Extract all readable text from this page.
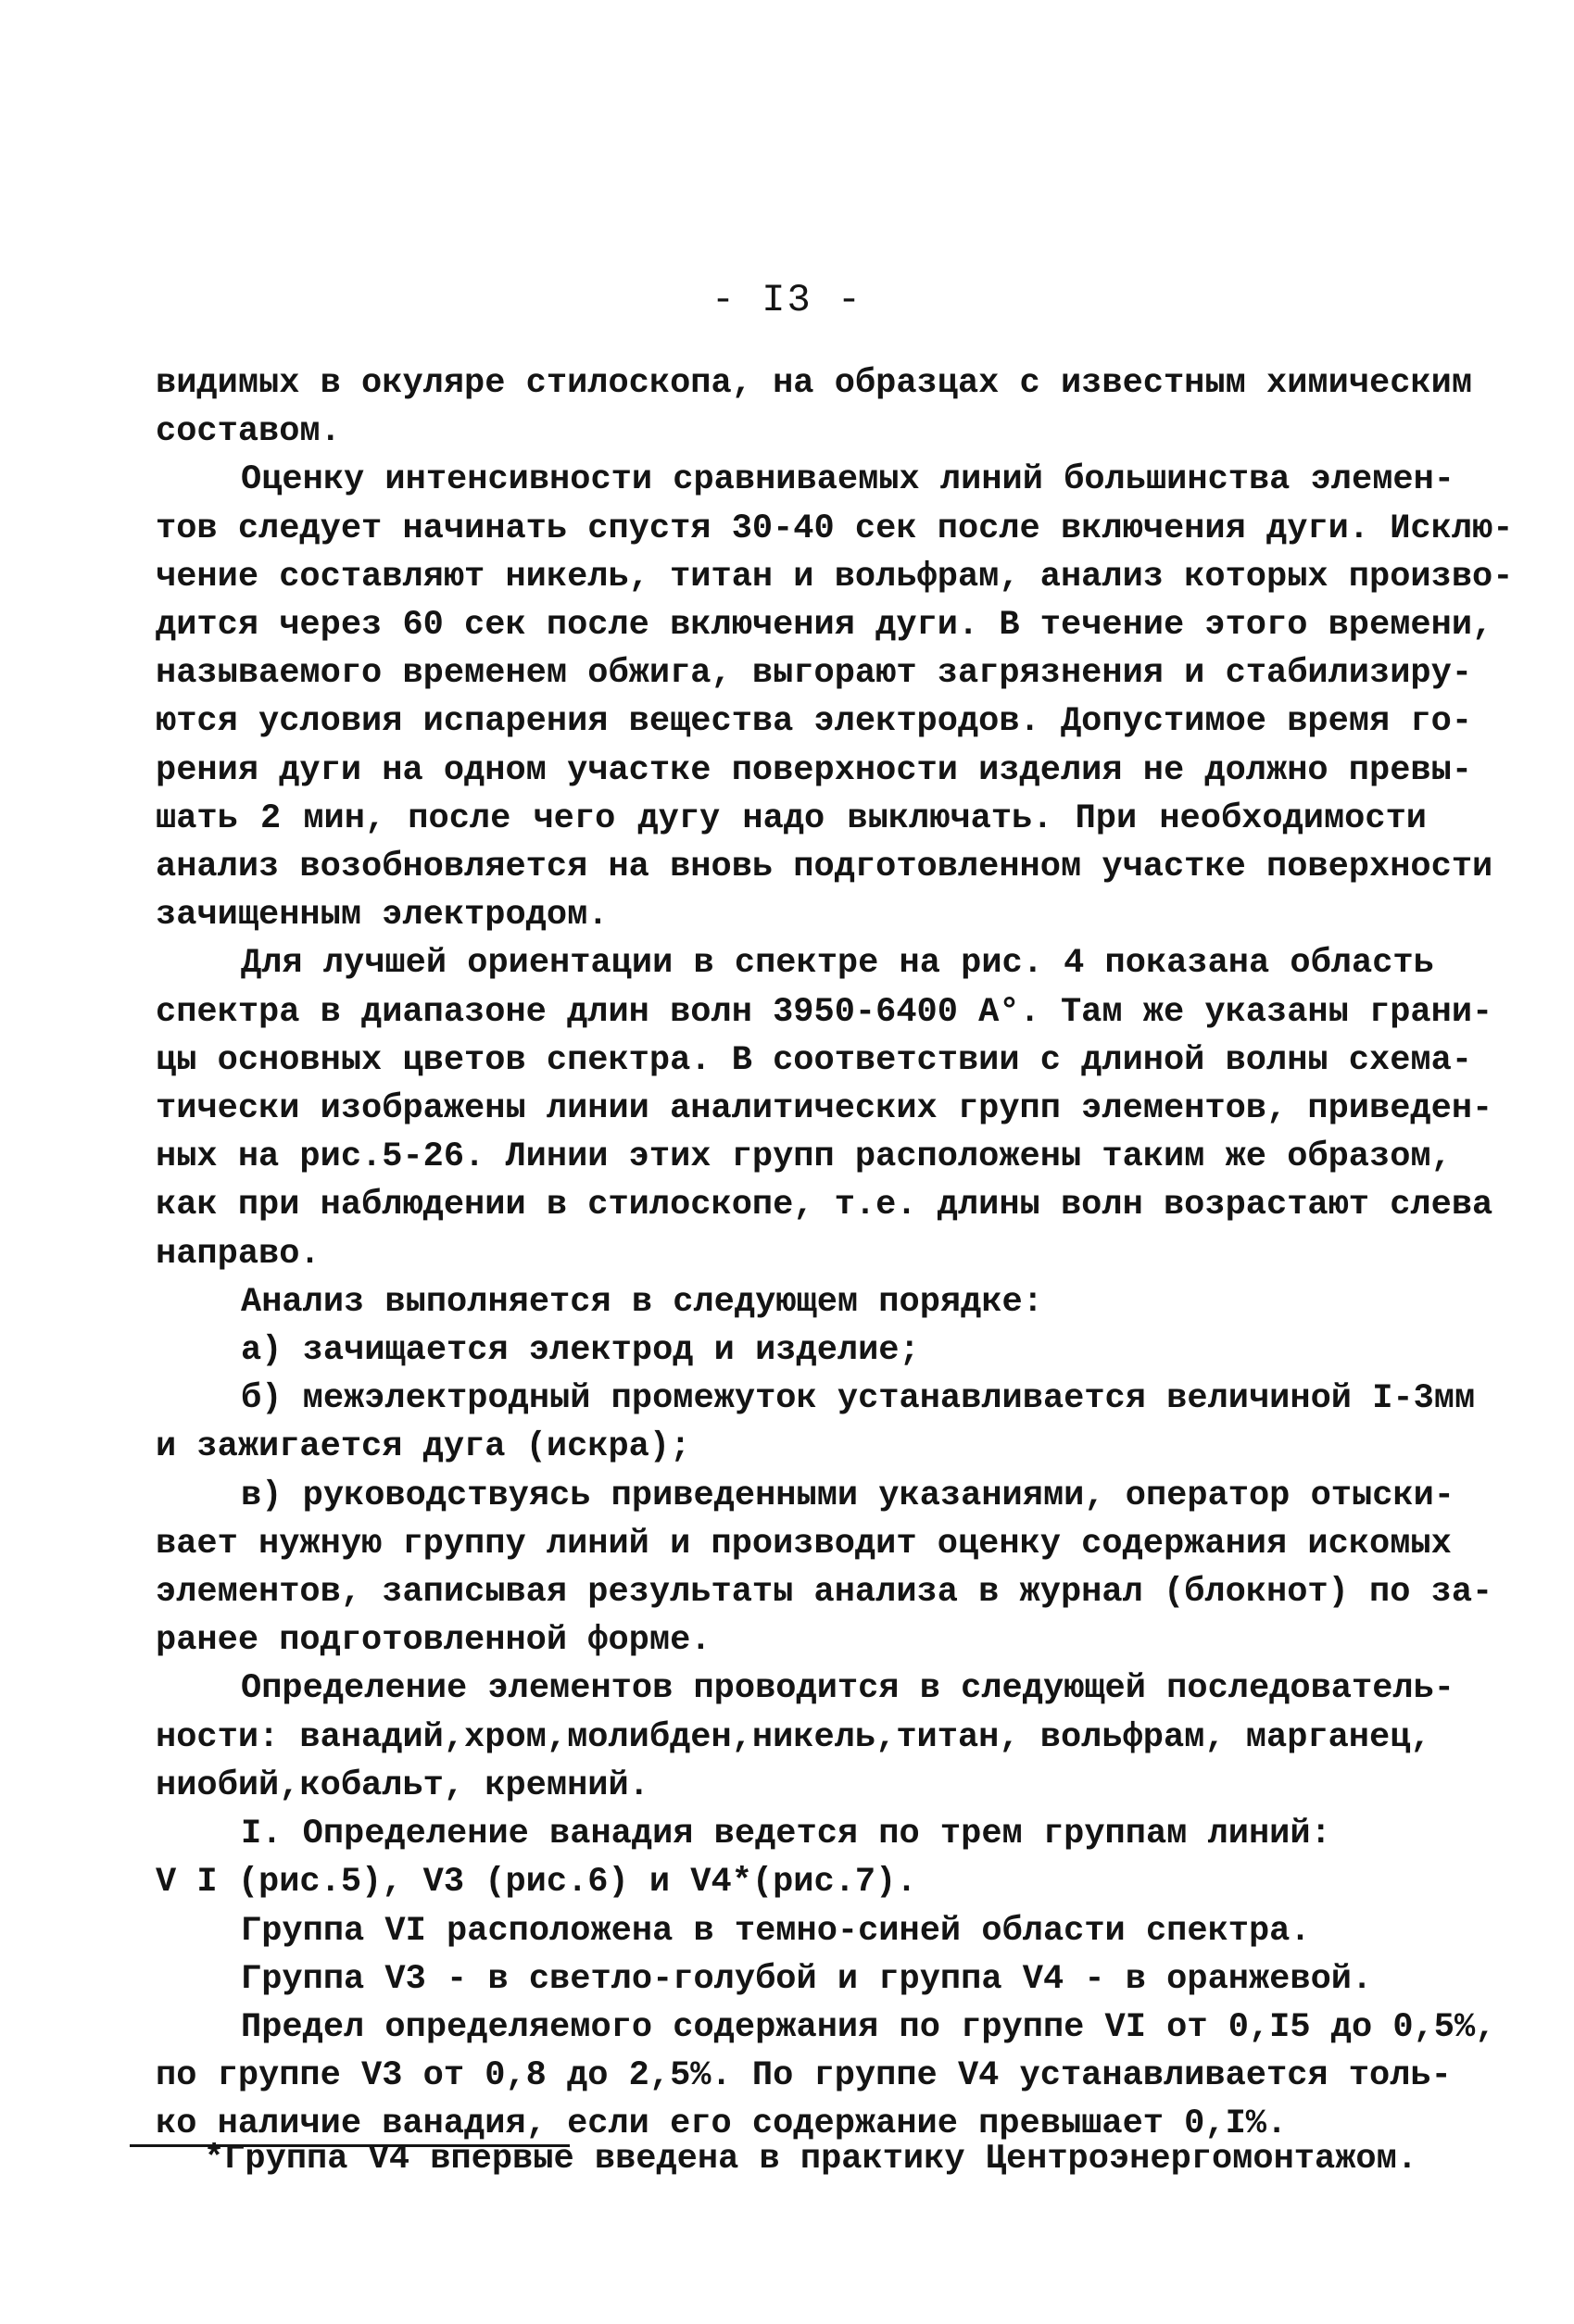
- I3 -
видимых в окуляре стилоскопа, на образцах с известным химическим
составом.
Оценку интенсивности сравниваемых линий большинства элемен-
тов следует начинать спустя 30-40 сек после включения дуги. Исклю-
чение составляют никель, титан и вольфрам, анализ которых произво-
дится через 60 сек после включения дуги. В течение этого времени,
называемого временем обжига, выгорают загрязнения и стабилизиру-
ются условия испарения вещества электродов. Допустимое время го-
рения дуги на одном участке поверхности изделия не должно превы-
шать 2 мин, после чего дугу надо выключать. При необходимости
анализ возобновляется на вновь подготовленном участке поверхности
зачищенным электродом.
Для лучшей ориентации в спектре на рис. 4 показана область
спектра в диапазоне длин волн 3950-6400 А°. Там же указаны грани-
цы основных цветов спектра. В соответствии с длиной волны схема-
тически изображены линии аналитических групп элементов, приведен-
ных на рис.5-26. Линии этих групп расположены таким же образом,
как при наблюдении в стилоскопе, т.е. длины волн возрастают слева
направо.
Анализ выполняется в следующем порядке:
а) зачищается электрод и изделие;
б) межэлектродный промежуток устанавливается величиной I-3мм
и зажигается дуга (искра);
в) руководствуясь приведенными указаниями, оператор отыски-
вает нужную группу линий и производит оценку содержания искомых
элементов, записывая результаты анализа в журнал (блокнот) по за-
ранее подготовленной форме.
Определение элементов проводится в следующей последователь-
ности: ванадий,хром,молибден,никель,титан, вольфрам, марганец,
ниобий,кобальт, кремний.
I. Определение ванадия ведется по трем группам линий:
V I (рис.5), V3 (рис.6) и V4*(рис.7).
Группа VI расположена в темно-синей области спектра.
Группа V3 - в светло-голубой и группа V4 - в оранжевой.
Предел определяемого содержания по группе VI от 0,I5 до 0,5%,
по группе V3 от 0,8 до 2,5%. По группе V4 устанавливается толь-
ко наличие ванадия, если его содержание превышает 0,I%.
*Группа V4 впервые введена в практику Центроэнергомонтажом.
